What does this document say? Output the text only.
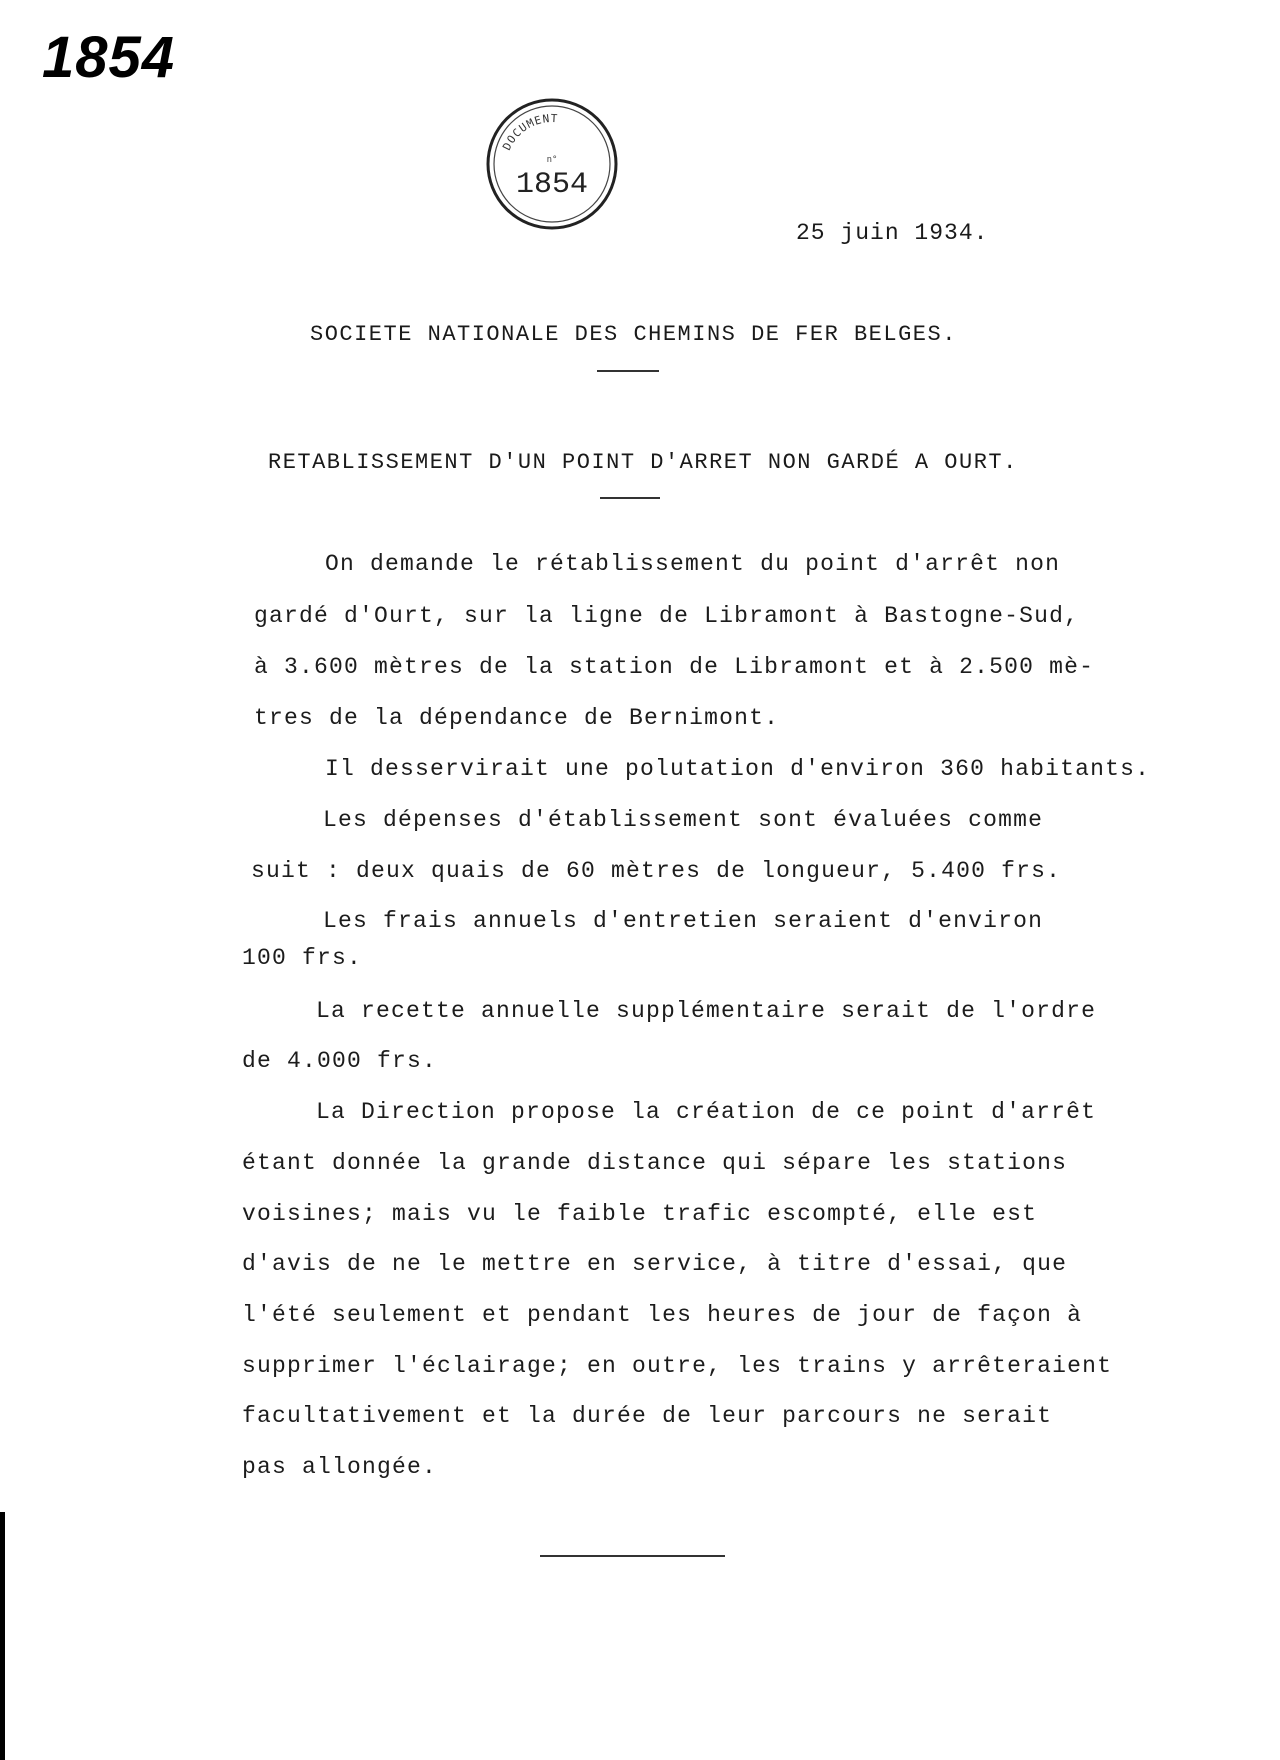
1854
DOCUMENT
n°
1854
25 juin 1934.
SOCIETE NATIONALE DES CHEMINS DE FER BELGES.
RETABLISSEMENT D'UN POINT D'ARRET NON GARDÉ A OURT.
On demande le rétablissement du point d'arrêt non
gardé d'Ourt, sur la ligne de Libramont à Bastogne-Sud,
à 3.600 mètres de la station de Libramont et à 2.500 mè-
tres de la dépendance de Bernimont.
Il desservirait une polutation d'environ 360 habitants.
Les dépenses d'établissement sont évaluées comme
suit : deux quais de 60 mètres de longueur, 5.400 frs.
Les frais annuels d'entretien seraient d'environ
100 frs.
La recette annuelle supplémentaire serait de l'ordre
de 4.000 frs.
La Direction propose la création de ce point d'arrêt
étant donnée la grande distance qui sépare les stations
voisines; mais vu le faible trafic escompté, elle est
d'avis de ne le mettre en service, à titre d'essai, que
l'été seulement et pendant les heures de jour de façon à
supprimer l'éclairage; en outre, les trains y arrêteraient
facultativement et la durée de leur parcours ne serait
pas allongée.
